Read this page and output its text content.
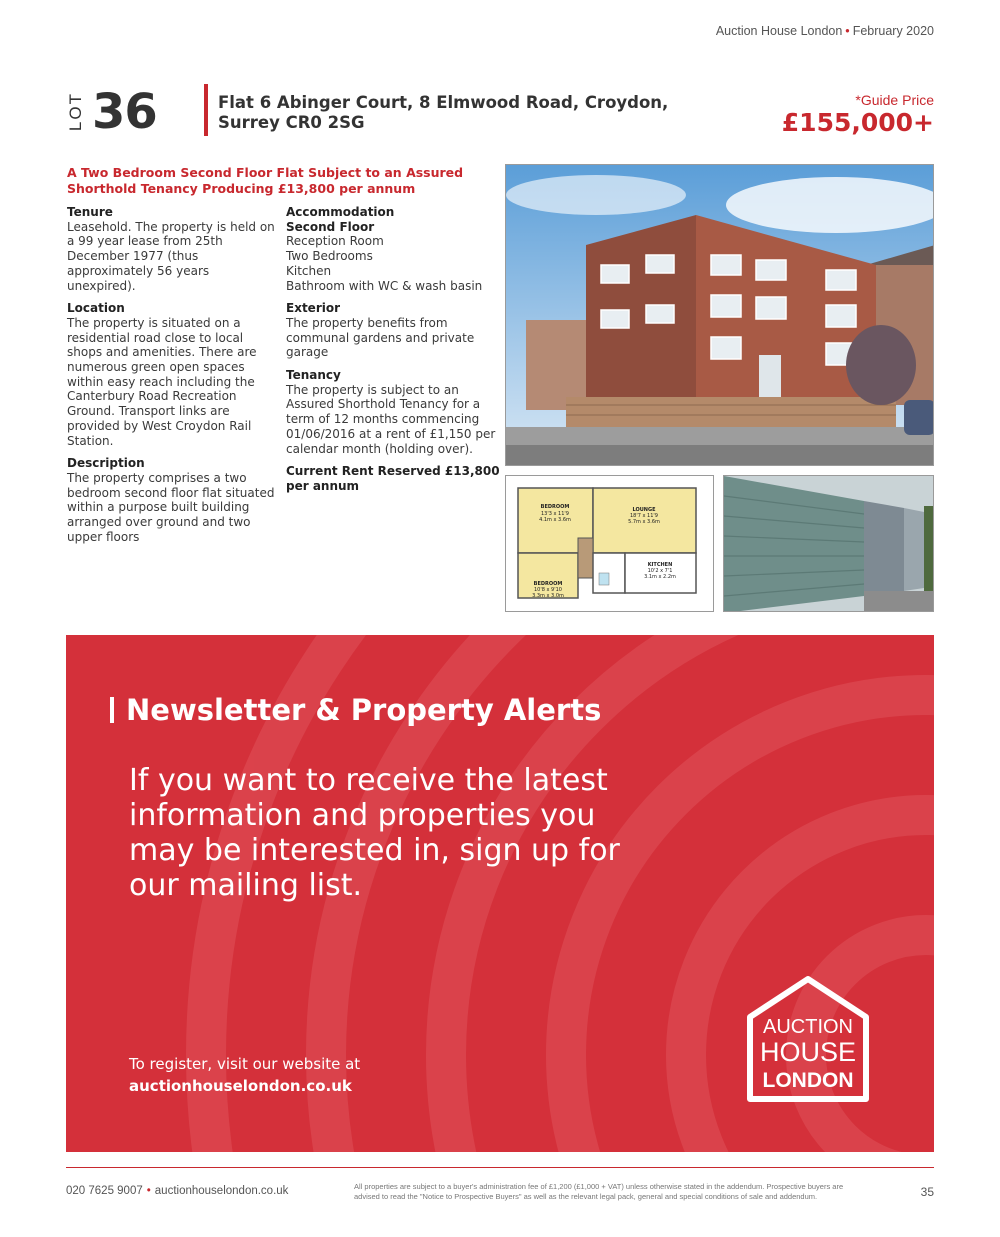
Auction House London • February 2020
LOT 36	Flat 6 Abinger Court, 8 Elmwood Road, Croydon,
Surrey CR0 2SG
*Guide Price
£155,000+
A Two Bedroom Second Floor Flat Subject to an Assured Shorthold Tenancy Producing £13,800 per annum
Tenure

Leasehold. The property is held on a 99 year lease from 25th December 1977 (thus approximately 56 years unexpired).

Location

The property is situated on a residential road close to local shops and amenities. There are numerous green open spaces within easy reach including the Canterbury Road Recreation Ground. Transport links are provided by West Croydon Rail Station.

Description

The property comprises a two bedroom second floor flat situated within a purpose built building arranged over ground and two upper floors

Accommodation
Second Floor
Reception Room
Two Bedrooms
Kitchen

Bathroom with WC & wash basin

Exterior

The property benefits from communal gardens and private garage

Tenancy

The property is subject to an Assured Shorthold Tenancy for a term of 12 months commencing 01/06/2016 at a rent of £1,150 per calendar month (holding over).

Current Rent Reserved £13,800 per annum
BEDROOM
13'3 x 11'9
4.1m x 3.6m
LOUNGE
18'7 x 11'9
5.7m x 3.6m
BEDROOM
10'8 x 9'10
3.3m x 3.0m
KITCHEN
10'2 x 7'1
3.1m x 2.2m
Newsletter & Property Alerts
If you want to receive the latest information and properties you may be interested in, sign up for our mailing list.
To register, visit our website at
auctionhouselondon.co.uk
AUCTION
HOUSE
LONDON
020 7625 9007 • auctionhouselondon.co.uk	All properties are subject to a buyer's administration fee of £1,200 (£1,000 + VAT) unless otherwise stated in the addendum. Prospective buyers are advised to read the "Notice to Prospective Buyers" as well as the relevant legal pack, general and special conditions of sale and addendum.	35
